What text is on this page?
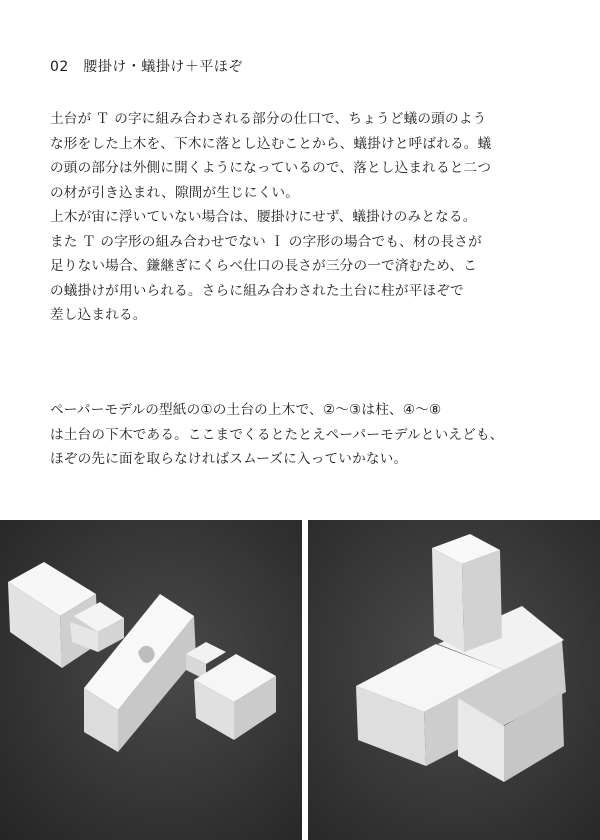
02　腰掛け・蟻掛け＋平ほぞ
土台が Ｔ の字に組み合わされる部分の仕口で、ちょうど蟻の頭のよう
な形をした上木を、下木に落とし込むことから、蟻掛けと呼ばれる。蟻
の頭の部分は外側に開くようになっているので、落とし込まれると二つ
の材が引き込まれ、隙間が生じにくい。
上木が宙に浮いていない場合は、腰掛けにせず、蟻掛けのみとなる。
また Ｔ の字形の組み合わせでない Ｉ の字形の場合でも、材の長さが
足りない場合、鎌継ぎにくらべ仕口の長さが三分の一で済むため、こ
の蟻掛けが用いられる。さらに組み合わされた土台に柱が平ほぞで
差し込まれる。
ペーパーモデルの型紙の①の土台の上木で、②～③は柱、④～⑧
は土台の下木である。ここまでくるとたとえペーパーモデルといえども、
ほぞの先に面を取らなければスムーズに入っていかない。
